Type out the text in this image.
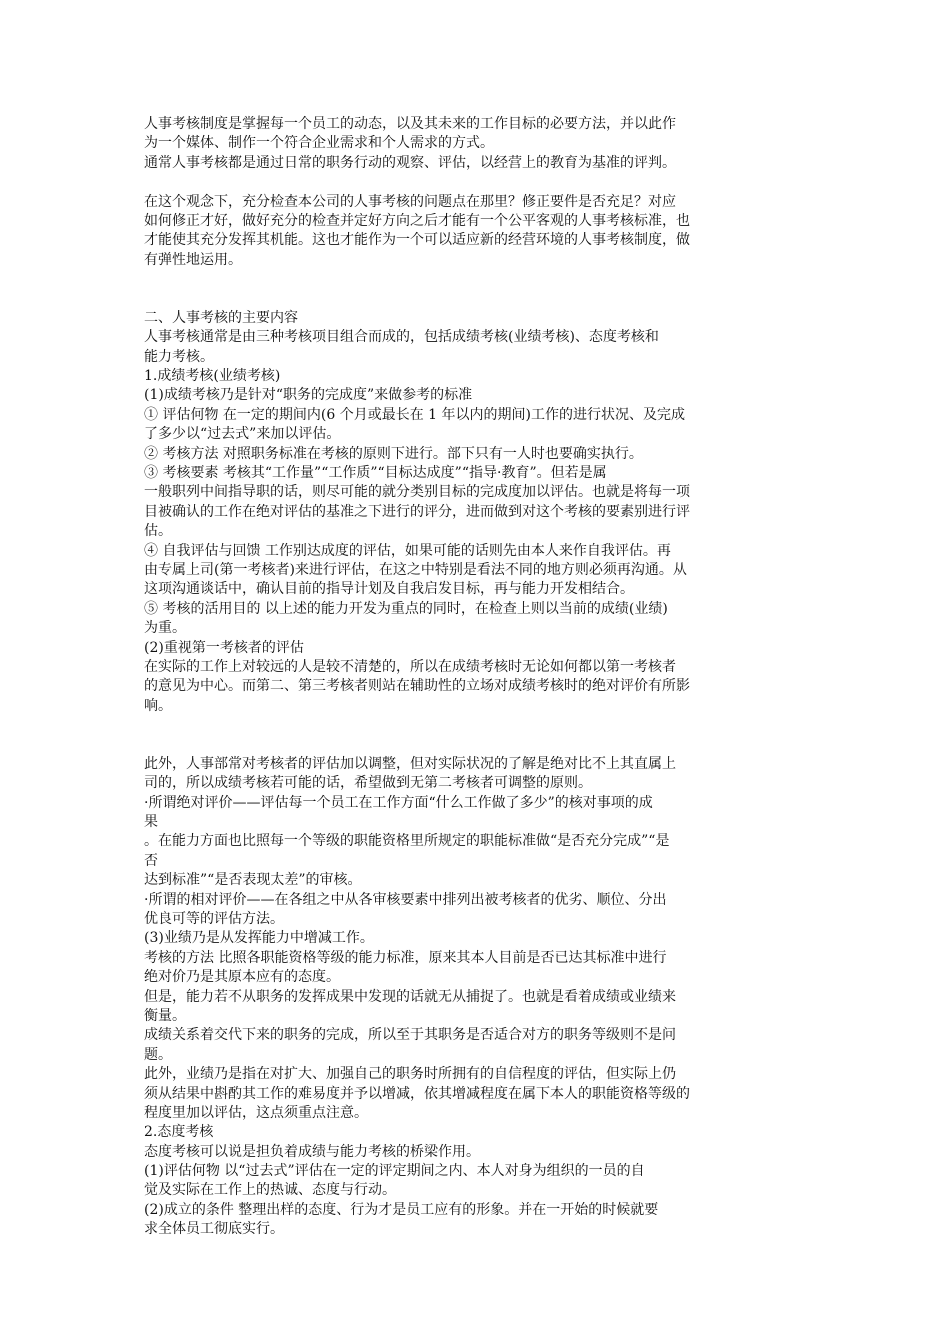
人事考核制度是掌握每一个员工的动态，以及其未来的工作目标的必要方法，并以此作
为一个媒体、制作一个符合企业需求和个人需求的方式。
通常人事考核都是通过日常的职务行动的观察、评估，以经营上的教育为基准的评判。
在这个观念下，充分检查本公司的人事考核的问题点在那里？修正要件是否充足？对应
如何修正才好，做好充分的检查并定好方向之后才能有一个公平客观的人事考核标准，也
才能使其充分发挥其机能。这也才能作为一个可以适应新的经营环境的人事考核制度，做
有弹性地运用。
二、人事考核的主要内容
人事考核通常是由三种考核项目组合而成的，包括成绩考核(业绩考核)、态度考核和
能力考核。
1.成绩考核(业绩考核)
(1)成绩考核乃是针对“职务的完成度”来做参考的标准
① 评估何物 在一定的期间内(6 个月或最长在 1 年以内的期间)工作的进行状况、及完成
了多少以“过去式”来加以评估。
② 考核方法 对照职务标准在考核的原则下进行。部下只有一人时也要确实执行。
③ 考核要素 考核其“工作量”“工作质”“目标达成度”“指导·教育”。但若是属
一般职列中间指导职的话，则尽可能的就分类别目标的完成度加以评估。也就是将每一项
目被确认的工作在绝对评估的基准之下进行的评分，进而做到对这个考核的要素别进行评
估。
④ 自我评估与回馈 工作别达成度的评估，如果可能的话则先由本人来作自我评估。再
由专属上司(第一考核者)来进行评估，在这之中特别是看法不同的地方则必须再沟通。从
这项沟通谈话中，确认目前的指导计划及自我启发目标，再与能力开发相结合。
⑤ 考核的活用目的 以上述的能力开发为重点的同时，在检查上则以当前的成绩(业绩)
为重。
(2)重视第一考核者的评估
在实际的工作上对较远的人是较不清楚的，所以在成绩考核时无论如何都以第一考核者
的意见为中心。而第二、第三考核者则站在辅助性的立场对成绩考核时的绝对评价有所影
响。
此外，人事部常对考核者的评估加以调整，但对实际状况的了解是绝对比不上其直属上
司的，所以成绩考核若可能的话，希望做到无第二考核者可调整的原则。
·所谓绝对评价——评估每一个员工在工作方面“什么工作做了多少”的核对事项的成
果
。在能力方面也比照每一个等级的职能资格里所规定的职能标准做“是否充分完成”“是
否
达到标准”“是否表现太差”的审核。
·所谓的相对评价——在各组之中从各审核要素中排列出被考核者的优劣、顺位、分出
优良可等的评估方法。
(3)业绩乃是从发挥能力中增减工作。
考核的方法 比照各职能资格等级的能力标准，原来其本人目前是否已达其标准中进行
绝对价乃是其原本应有的态度。
但是，能力若不从职务的发挥成果中发现的话就无从捕捉了。也就是看着成绩或业绩来
衡量。
成绩关系着交代下来的职务的完成，所以至于其职务是否适合对方的职务等级则不是问
题。
此外，业绩乃是指在对扩大、加强自己的职务时所拥有的自信程度的评估，但实际上仍
须从结果中斟酌其工作的难易度并予以增减，依其增减程度在属下本人的职能资格等级的
程度里加以评估，这点须重点注意。
2.态度考核
态度考核可以说是担负着成绩与能力考核的桥梁作用。
(1)评估何物 以“过去式”评估在一定的评定期间之内、本人对身为组织的一员的自
觉及实际在工作上的热诚、态度与行动。
(2)成立的条件 整理出样的态度、行为才是员工应有的形象。并在一开始的时候就要
求全体员工彻底实行。
